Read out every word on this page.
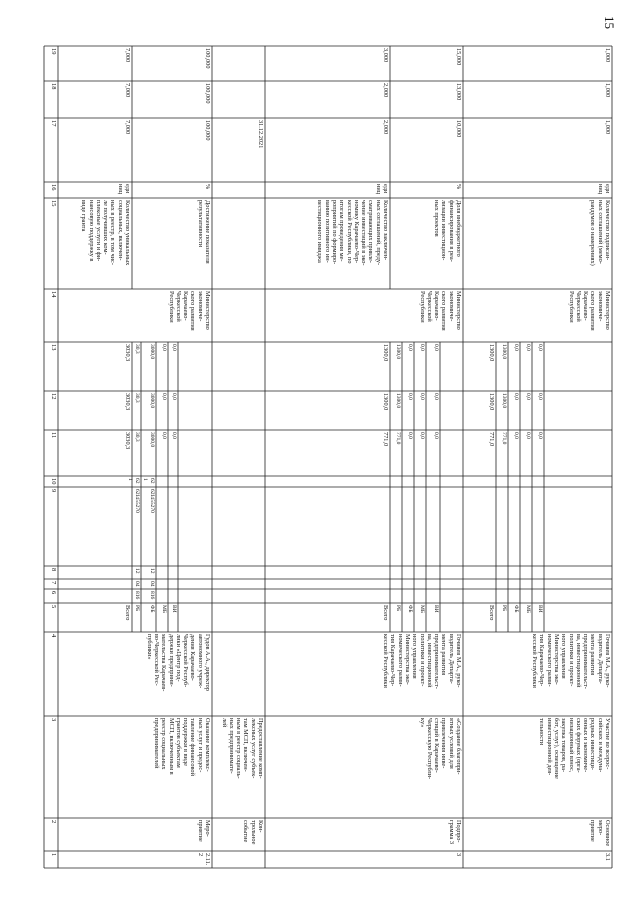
15
1
2
3
4
5
6
7
8
9
10
11
12
13
14
15
16
17
18
19
2.11.2
Меро-
приятие
Оказание комплекс-
ных услуг и предос-
тавление финансовой
поддержки в виде
грантов субъектам
МСП, включенным в
реестр социальных
предпринимателей
Гудов А.А., директор
автономного учреж-
дения Карачаево-
Черкесской Респуб-
лики «Центр под-
держки предприни-
мательства Карачаев-
во-Черкесской Рес-
публики»
Министерство
экономиче-
ского развития
Карачаево-
Черкесской
Республики
Всего
3030,3
3030,3
3030,3
РБ
816
04
12
62I455270
621
30,3
30,3
30,3
ФБ
816
04
12
62I455270
621
3000,0
3000,0
3000,0
МБ
0,0
0,0
0,0
ВИ
0,0
0,0
0,0
Количество уникальных
социальных, включен-
ных в реестр, в том чис-
ле получивших ком-
плексные услуги и фи-
нансовую поддержку в
виде гранта
единиц
7,000
7,000
7,000
Достижение показателя
результативности
%
100,000
100,000
100,000
Кон-
трольное
событие
Предоставление комп-
лексных услуг субъек-
там МСП, включен-
ным в реестр социаль-
ных предпринимате-
лей
31.12.2021
3
Подпро-
грамма 3
«Создание благопри-
ятных условий для
привлечения инве-
стиций в Карачаево-
Черкесскую Республи-
ку»
Гочияев М.А., руко-
водитель Департа-
мента развития
предпринимательст-
ва, инвестиционной
политики и проект-
ного управления
Министерства эко-
номического разви-
тия Карачаево-Чер-
кесской Республики
Министерство
экономиче-
ского развития
Карачаево-
Черкесской
Республики
Всего
771,0
1300,0
1300,0
РБ
771,0
1300,0
1300,0
ФБ
0,0
0,0
0,0
МБ
0,0
0,0
0,0
ВИ
0,0
0,0
0,0
Количество заключен-
ных соглашений, преду-
сматривающих привле-
чение инвестиций в эко-
номику Карачаево-Чер-
кесской Республики, по
итогам проведения ме-
роприятий по формиро-
ванию позитивного ин-
вестиционного имиджа
единиц
2,000
2,000
3,000
Доля внебюджетного
финансирования в реа-
лизации инвестицион-
ных проектов
%
10,000
13,000
15,000
3.1
Основное
меро-
приятие
Участие во всерос-
сийских и междуна-
родных инвестици-
онных и экономиче-
ских форумах (орга-
низационный взнос,
закупка товаров, ра-
бот, услуг), освещение
инвестиционной дея-
тельности
Гочияев М.А., руко-
водитель Департа-
мента развития
предпринимательст-
ва, инвестиционной
политики и проект-
ного управления
Министерства эко-
номического разви-
тия Карачаево-Чер-
кесской Республики
Министерство
экономиче-
ского развития
Карачаево-
Черкесской
Республики
Всего
771,0
1300,0
1300,0
РБ
771,0
1300,0
1300,0
ФБ
0,0
0,0
0,0
МБ
0,0
0,0
0,0
ВИ
0,0
0,0
0,0
Количество подписан-
ных соглашений (мемо-
рандумов о намерениях)
единиц
1,000
1,000
1,000
